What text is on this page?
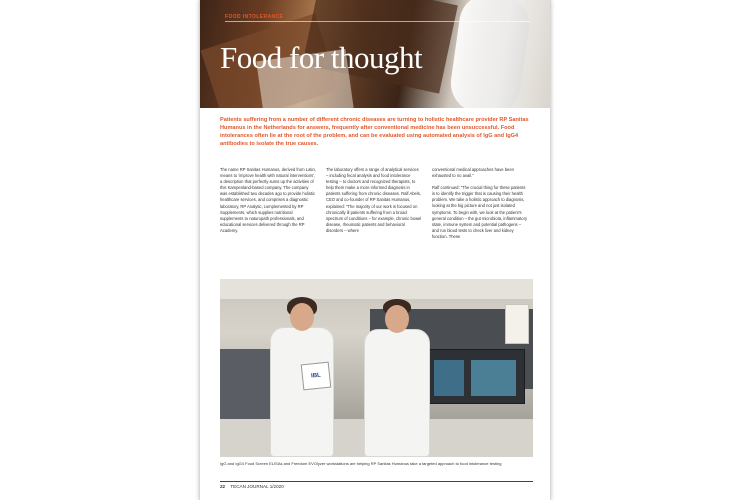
FOOD INTOLERANCE
Food for thought
Patients suffering from a number of different chronic diseases are turning to holistic healthcare provider RP Sanitas Humanus in the Netherlands for answers, frequently after conventional medicine has been unsuccessful. Food intolerances often lie at the root of the problem, and can be evaluated using automated analysis of IgG and IgG4 antibodies to isolate the true causes.

The name RP Sanitas Humanus, derived from Latin, means to ‘improve health with natural interventions’, a description that perfectly sums up the activities of this Kampenland-based company. The company was established two decades ago to provide holistic healthcare services, and comprises a diagnostic laboratory, RP Analytic, complemented by RP Supplements, which supplies nutritional supplements to naturopath professionals, and educational services delivered through the RP Academy.

The laboratory offers a range of analytical services – including fecal analysis and food intolerance testing – to doctors and recognized therapists, to help them make a more informed diagnosis in patients suffering from chronic diseases. Ralf Abels, CEO and co-founder of RP Sanitas Humanus, explained: “The majority of our work is focused on chronically ill patients suffering from a broad spectrum of conditions – for example, chronic bowel disease, rheumatic patients and behavioral disorders – where

conventional medical approaches have been exhausted to no avail.”

Ralf continued: “The crucial thing for these patients is to identify the trigger that is causing their health problem. We take a holistic approach to diagnosis, looking at the big picture and not just isolated symptoms. To begin with, we look at the patient’s general condition – the gut microbiota, inflammatory state, immune system and potential pathogens – and run blood tests to check liver and kidney function. These

IBL
IgG and IgG4 Food Screen ELISAs and Freedom EVOlyzer workstations are helping RP Sanitas Humanus take a targeted approach to food intolerance testing
22 TECAN JOURNAL 1/2020
